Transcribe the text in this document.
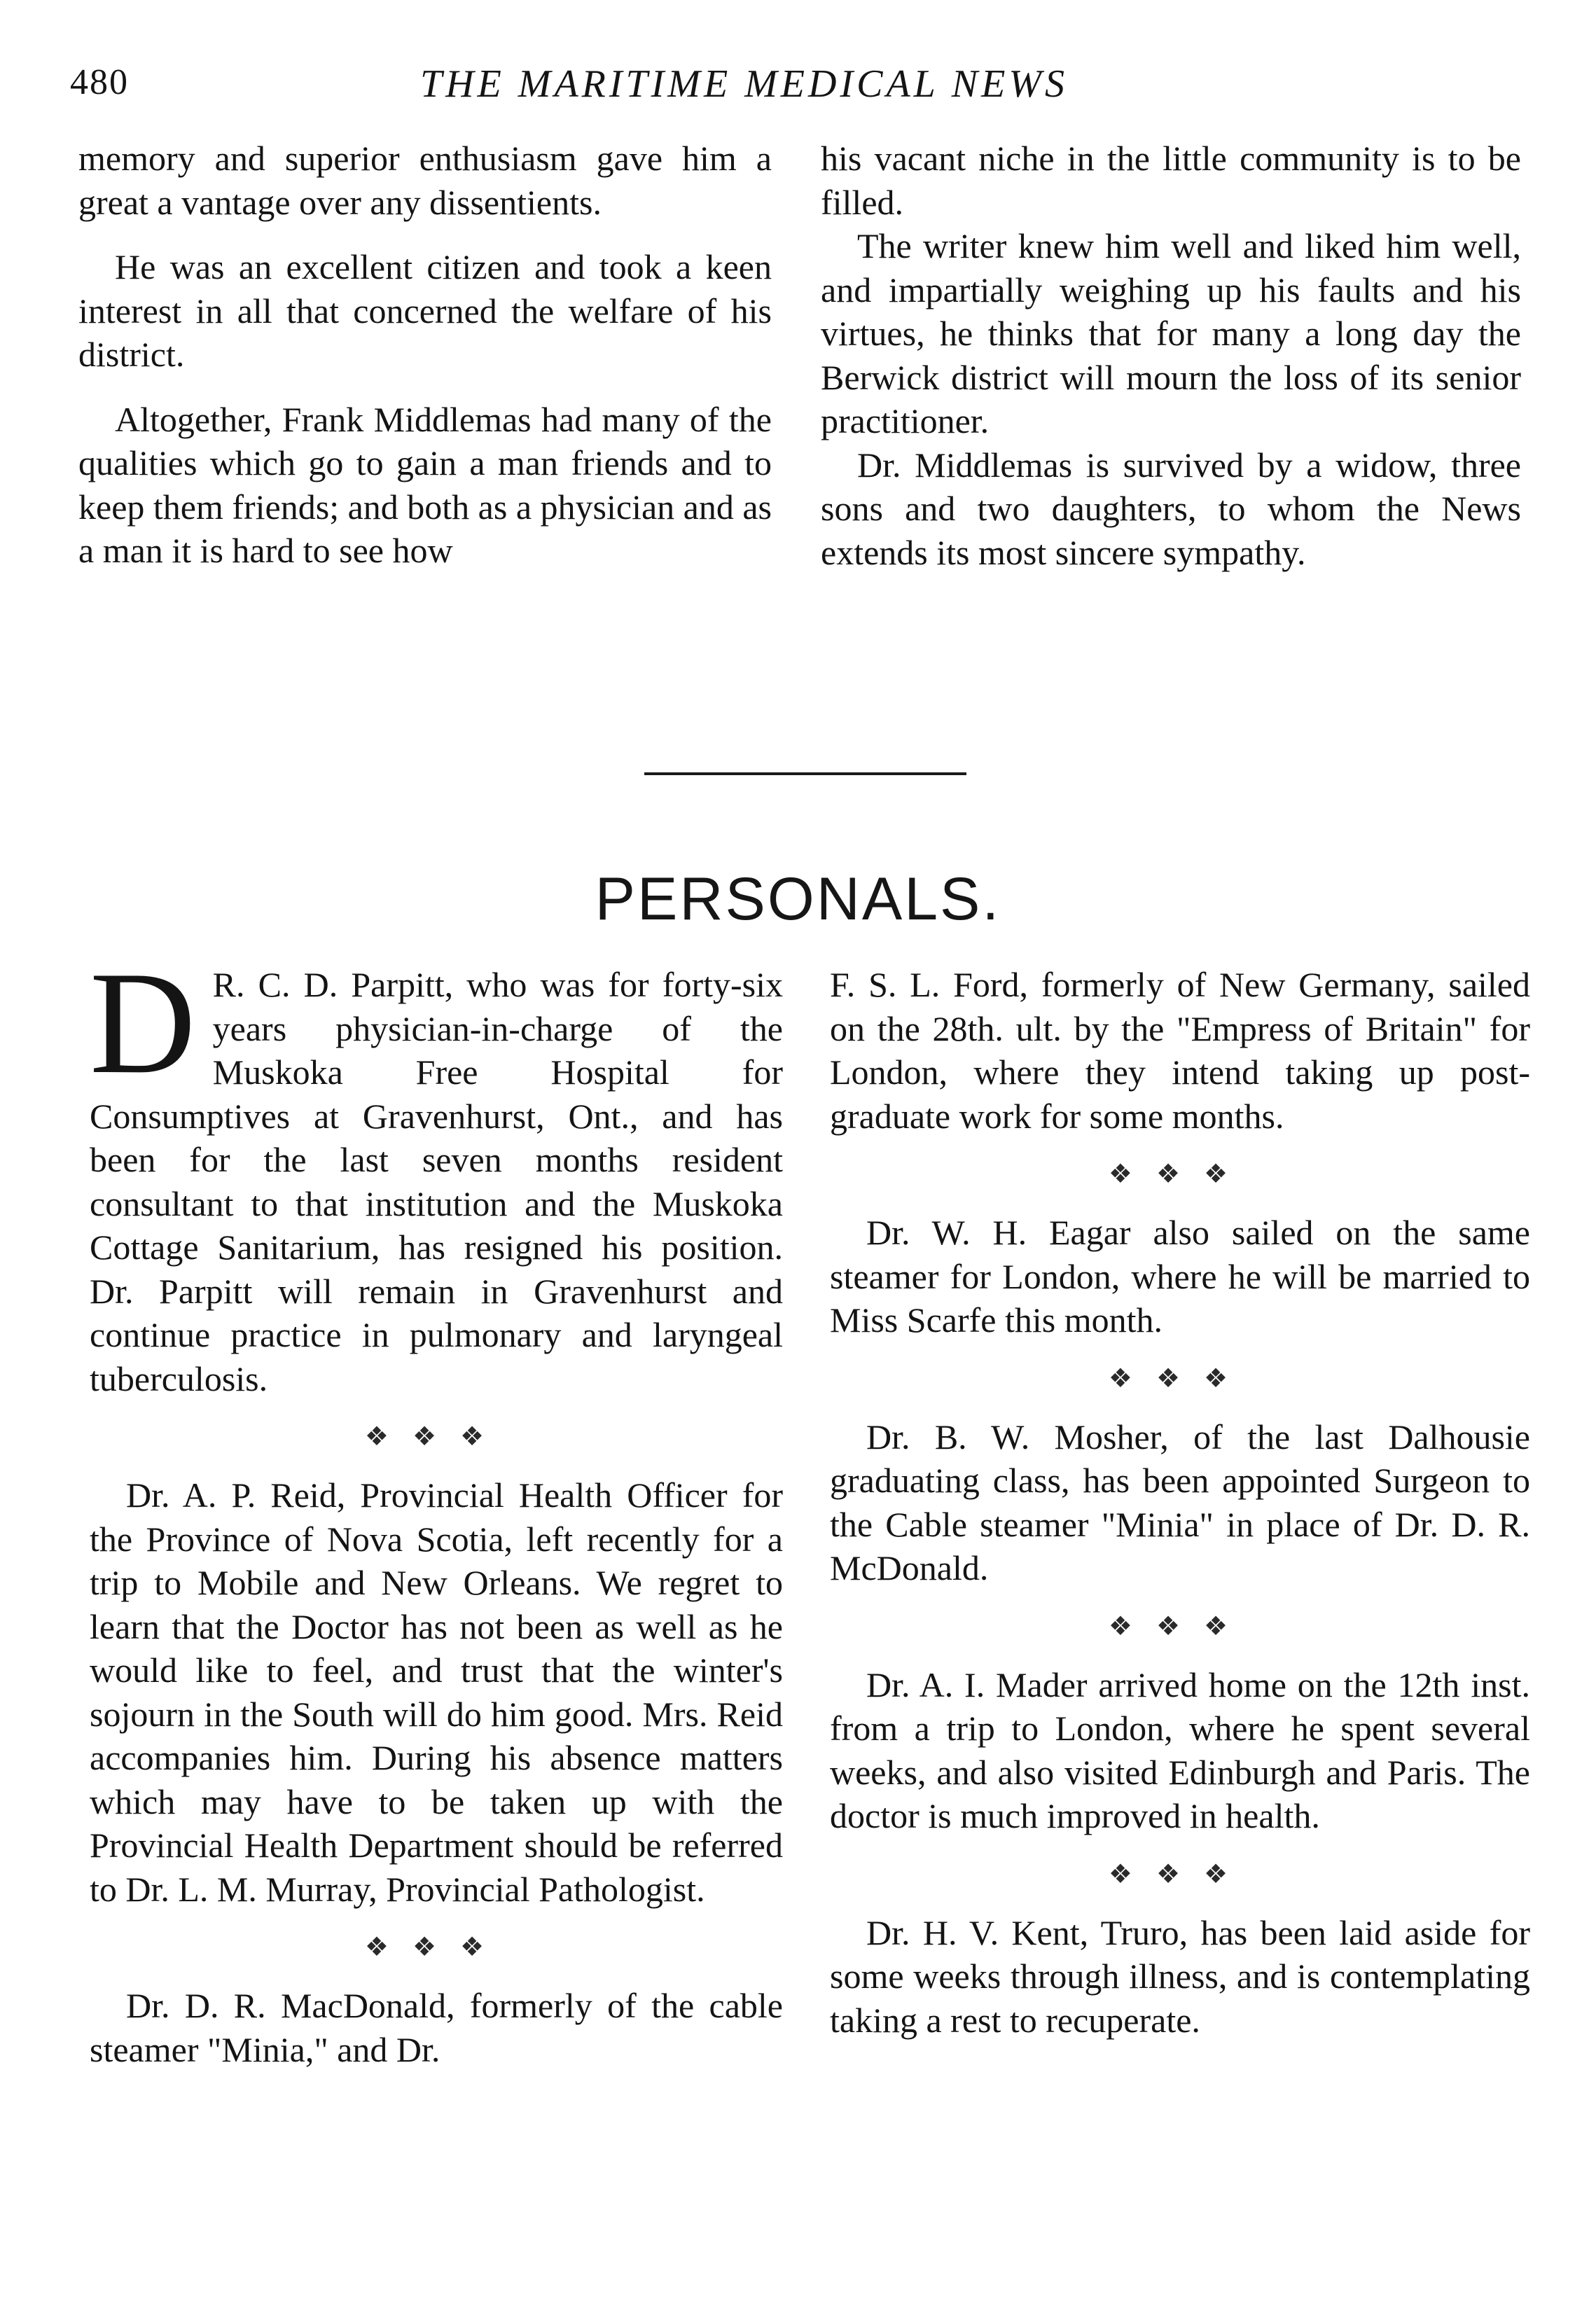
480	THE MARITIME MEDICAL NEWS

memory and superior enthusiasm gave him a great a vantage over any dissentients.

He was an excellent citizen and took a keen interest in all that concerned the welfare of his district.

Altogether, Frank Middlemas had many of the qualities which go to gain a man friends and to keep them friends; and both as a physician and as a man it is hard to see how

his vacant niche in the little community is to be filled.

The writer knew him well and liked him well, and impartially weighing up his faults and his virtues, he thinks that for many a long day the Berwick district will mourn the loss of its senior practitioner.

Dr. Middlemas is survived by a widow, three sons and two daughters, to whom the News extends its most sincere sympathy.

PERSONALS.

D R. C. D. Parpitt, who was for forty-six years physician-in-charge of the Muskoka Free Hospital for Consumptives at Gravenhurst, Ont., and has been for the last seven months resident consultant to that institution and the Muskoka Cottage Sanitarium, has resigned his position. Dr. Parpitt will remain in Gravenhurst and continue practice in pulmonary and laryngeal tuberculosis.

❖❖❖

Dr. A. P. Reid, Provincial Health Officer for the Province of Nova Scotia, left recently for a trip to Mobile and New Orleans. We regret to learn that the Doctor has not been as well as he would like to feel, and trust that the winter's sojourn in the South will do him good. Mrs. Reid accompanies him. During his absence matters which may have to be taken up with the Provincial Health Department should be referred to Dr. L. M. Murray, Provincial Pathologist.

❖❖❖

Dr. D. R. MacDonald, formerly of the cable steamer "Minia," and Dr.

F. S. L. Ford, formerly of New Germany, sailed on the 28th. ult. by the "Empress of Britain" for London, where they intend taking up post-graduate work for some months.

❖❖❖

Dr. W. H. Eagar also sailed on the same steamer for London, where he will be married to Miss Scarfe this month.

❖❖❖

Dr. B. W. Mosher, of the last Dalhousie graduating class, has been appointed Surgeon to the Cable steamer "Minia" in place of Dr. D. R. McDonald.

❖❖❖

Dr. A. I. Mader arrived home on the 12th inst. from a trip to London, where he spent several weeks, and also visited Edinburgh and Paris. The doctor is much improved in health.

❖❖❖

Dr. H. V. Kent, Truro, has been laid aside for some weeks through illness, and is contemplating taking a rest to recuperate.
